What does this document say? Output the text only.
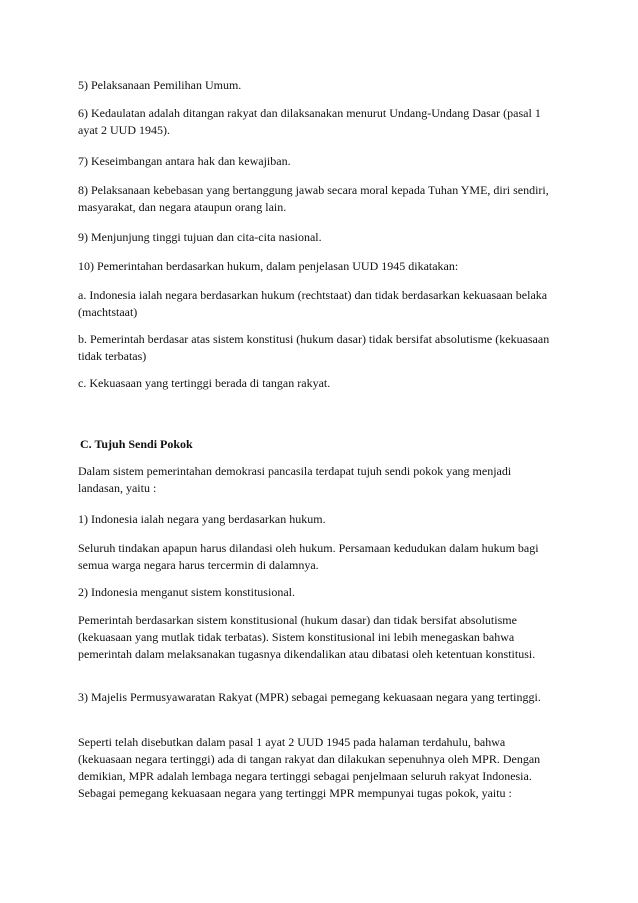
5) Pelaksanaan Pemilihan Umum.

6) Kedaulatan adalah ditangan rakyat dan dilaksanakan menurut Undang-Undang Dasar (pasal 1 ayat 2 UUD 1945).

7) Keseimbangan antara hak dan kewajiban.

8) Pelaksanaan kebebasan yang bertanggung jawab secara moral kepada Tuhan YME, diri sendiri, masyarakat, dan negara ataupun orang lain.

9) Menjunjung tinggi tujuan dan cita-cita nasional.

10) Pemerintahan berdasarkan hukum, dalam penjelasan UUD 1945 dikatakan:

a. Indonesia ialah negara berdasarkan hukum (rechtstaat) dan tidak berdasarkan kekuasaan belaka (machtstaat)

b. Pemerintah berdasar atas sistem konstitusi (hukum dasar) tidak bersifat absolutisme (kekuasaan tidak terbatas)

c. Kekuasaan yang tertinggi berada di tangan rakyat.

C. Tujuh Sendi Pokok

Dalam sistem pemerintahan demokrasi pancasila terdapat tujuh sendi pokok yang menjadi landasan, yaitu :

1) Indonesia ialah negara yang berdasarkan hukum.

Seluruh tindakan apapun harus dilandasi oleh hukum. Persamaan kedudukan dalam hukum bagi semua warga negara harus tercermin di dalamnya.

2) Indonesia menganut sistem konstitusional.

Pemerintah berdasarkan sistem konstitusional (hukum dasar) dan tidak bersifat absolutisme (kekuasaan yang mutlak tidak terbatas). Sistem konstitusional ini lebih menegaskan bahwa pemerintah dalam melaksanakan tugasnya dikendalikan atau dibatasi oleh ketentuan konstitusi.

3) Majelis Permusyawaratan Rakyat (MPR) sebagai pemegang kekuasaan negara yang tertinggi.

Seperti telah disebutkan dalam pasal 1 ayat 2 UUD 1945 pada halaman terdahulu, bahwa (kekuasaan negara tertinggi) ada di tangan rakyat dan dilakukan sepenuhnya oleh MPR. Dengan demikian, MPR adalah lembaga negara tertinggi sebagai penjelmaan seluruh rakyat Indonesia. Sebagai pemegang kekuasaan negara yang tertinggi MPR mempunyai tugas pokok, yaitu :
